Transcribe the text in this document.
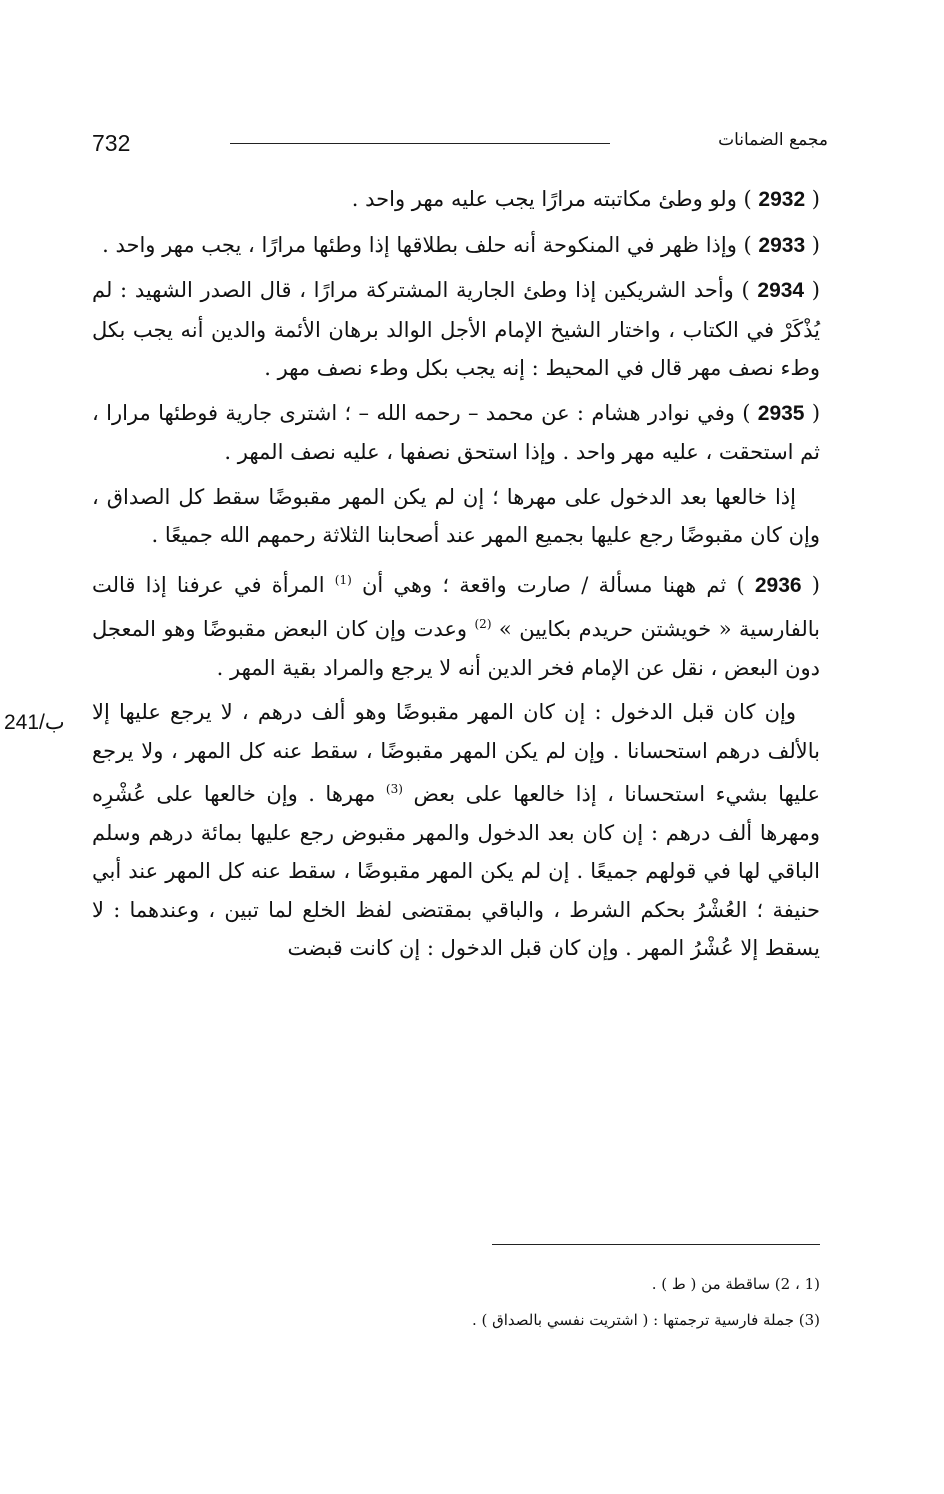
732	مجمع الضمانات
241/ب

( 2932 ) ولو وطئ مكاتبته مرارًا يجب عليه مهر واحد .

( 2933 ) وإذا ظهر في المنكوحة أنه حلف بطلاقها إذا وطئها مرارًا ، يجب مهر واحد .

( 2934 ) وأحد الشريكين إذا وطئ الجارية المشتركة مرارًا ، قال الصدر الشهيد : لم يُذْكَرْ في الكتاب ، واختار الشيخ الإمام الأجل الوالد برهان الأئمة والدين أنه يجب بكل وطء نصف مهر قال في المحيط : إنه يجب بكل وطء نصف مهر .

( 2935 ) وفي نوادر هشام : عن محمد – رحمه الله – ؛ اشترى جارية فوطئها مرارا ، ثم استحقت ، عليه مهر واحد . وإذا استحق نصفها ، عليه نصف المهر .

إذا خالعها بعد الدخول على مهرها ؛ إن لم يكن المهر مقبوضًا سقط كل الصداق ، وإن كان مقبوضًا رجع عليها بجميع المهر عند أصحابنا الثلاثة رحمهم الله جميعًا .

( 2936 ) ثم ههنا مسألة / صارت واقعة ؛ وهي أن $^{(1)}$ المرأة في عرفنا إذا قالت بالفارسية « خويشتن حريدم بكايين » $^{(2)}$ وعدت وإن كان البعض مقبوضًا وهو المعجل دون البعض ، نقل عن الإمام فخر الدين أنه لا يرجع والمراد بقية المهر .

وإن كان قبل الدخول : إن كان المهر مقبوضًا وهو ألف درهم ، لا يرجع عليها إلا بالألف درهم استحسانا . وإن لم يكن المهر مقبوضًا ، سقط عنه كل المهر ، ولا يرجع عليها بشيء استحسانا ، إذا خالعها على بعض $^{(3)}$ مهرها . وإن خالعها على عُشْرِه ومهرها ألف درهم : إن كان بعد الدخول والمهر مقبوض رجع عليها بمائة درهم وسلم الباقي لها في قولهم جميعًا . إن لم يكن المهر مقبوضًا ، سقط عنه كل المهر عند أبي حنيفة ؛ العُشْرُ بحكم الشرط ، والباقي بمقتضى لفظ الخلع لما تبين ، وعندهما : لا يسقط إلا عُشْرُ المهر . وإن كان قبل الدخول : إن كانت قبضت

(1 ، 2) ساقطة من ( ط ) .

(3) جملة فارسية ترجمتها : ( اشتريت نفسي بالصداق ) .
